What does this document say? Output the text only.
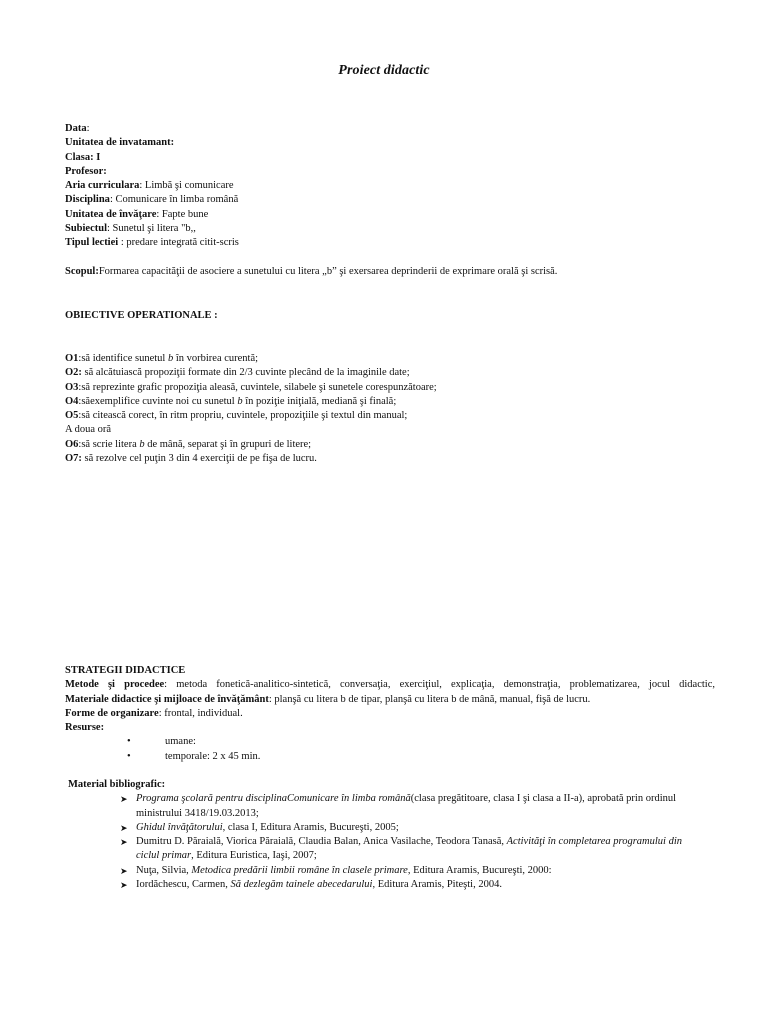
Proiect didactic
Data:
Unitatea de invatamant:
Clasa: I
Profesor:
Aria curriculara: Limbă şi comunicare
Disciplina: Comunicare în limba română
Unitatea de învăţare: Fapte bune
Subiectul: Sunetul şi litera "b,,
Tipul lectiei : predare integrată citit-scris
Scopul:Formarea capacităţii de asociere a sunetului cu litera „b” şi exersarea deprinderii de exprimare orală şi scrisă.
OBIECTIVE OPERATIONALE :
O1:să identifice sunetul b în vorbirea curentă;
O2: să alcătuiască propoziţii formate din 2/3 cuvinte plecând de la imaginile date;
O3:să reprezinte grafic propoziţia aleasă, cuvintele, silabele şi sunetele corespunzătoare;
O4:săexemplifice cuvinte noi cu sunetul b în poziţie iniţială, mediană şi finală;
O5:să citească corect, în ritm propriu, cuvintele, propoziţiile şi textul din manual;
A doua oră
O6:să scrie litera b de mână, separat şi în grupuri de litere;
O7: să rezolve cel puţin 3 din 4 exerciţii de pe fişa de lucru.
STRATEGII DIDACTICE
Metode şi procedee: metoda fonetică-analitico-sintetică, conversaţia, exerciţiul, explicaţia, demonstraţia, problematizarea, jocul didactic,
Materiale didactice şi mijloace de învăţământ: planşă cu litera b de tipar, planşă cu litera b de mână, manual, fişă de lucru.
Forme de organizare: frontal, individual.
Resurse:
•	umane:
•	temporale: 2 x 45 min.
Material bibliografic:
➤ Programa şcolară pentru disciplinaComunicare în limba română(clasa pregătitoare, clasa I şi clasa a II-a), aprobată prin ordinul
ministrului 3418/19.03.2013;
➤ Ghidul învăţătorului, clasa I, Editura Aramis, Bucureşti, 2005;
➤ Dumitru D. Păraială, Viorica Păraială, Claudia Balan, Anica Vasilache, Teodora Tanasă, Activităţi în completarea programului din
ciclul primar, Editura Euristica, Iaşi, 2007;
➤ Nuţa, Silvia, Metodica predării limbii române în clasele primare, Editura Aramis, Bucureşti, 2000:
➤ Iordăchescu, Carmen, Să dezlegăm tainele abecedarului, Editura Aramis, Piteşti, 2004.
